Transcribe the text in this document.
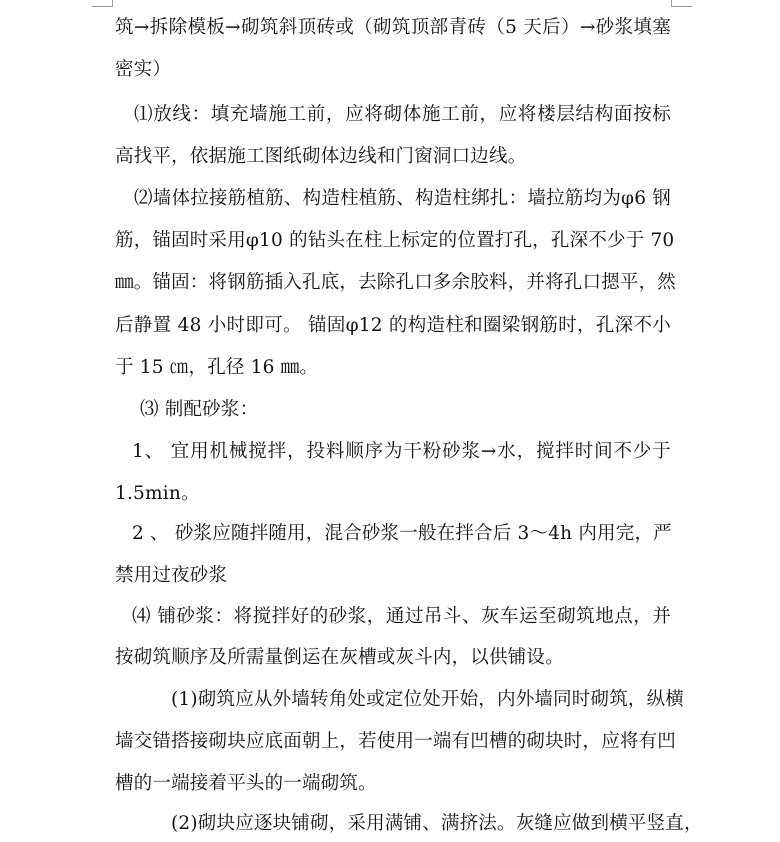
筑→拆除模板→砌筑斜顶砖或（砌筑顶部青砖（5 天后）→砂浆填塞
密实）
⑴放线：填充墙施工前，应将砌体施工前，应将楼层结构面按标
高找平，依据施工图纸砌体边线和门窗洞口边线。
⑵墙体拉接筋植筋、构造柱植筋、构造柱绑扎：墙拉筋均为φ6 钢
筋，锚固时采用φ10 的钻头在柱上标定的位置打孔，孔深不少于 70
㎜。锚固：将钢筋插入孔底，去除孔口多余胶料，并将孔口摁平，然
后静置 48 小时即可。 锚固φ12 的构造柱和圈梁钢筋时，孔深不小
于 15 ㎝，孔径 16 ㎜。
⑶ 制配砂浆：
1、 宜用机械搅拌，投料顺序为干粉砂浆→水，搅拌时间不少于
1.5min。
2 、 砂浆应随拌随用，混合砂浆一般在拌合后 3～4h 内用完，严
禁用过夜砂浆
⑷ 铺砂浆：将搅拌好的砂浆，通过吊斗、灰车运至砌筑地点，并
按砌筑顺序及所需量倒运在灰槽或灰斗内，以供铺设。
(1)砌筑应从外墙转角处或定位处开始，内外墙同时砌筑，纵横
墙交错搭接砌块应底面朝上，若使用一端有凹槽的砌块时，应将有凹
槽的一端接着平头的一端砌筑。
(2)砌块应逐块铺砌，采用满铺、满挤法。灰缝应做到横平竖直，
